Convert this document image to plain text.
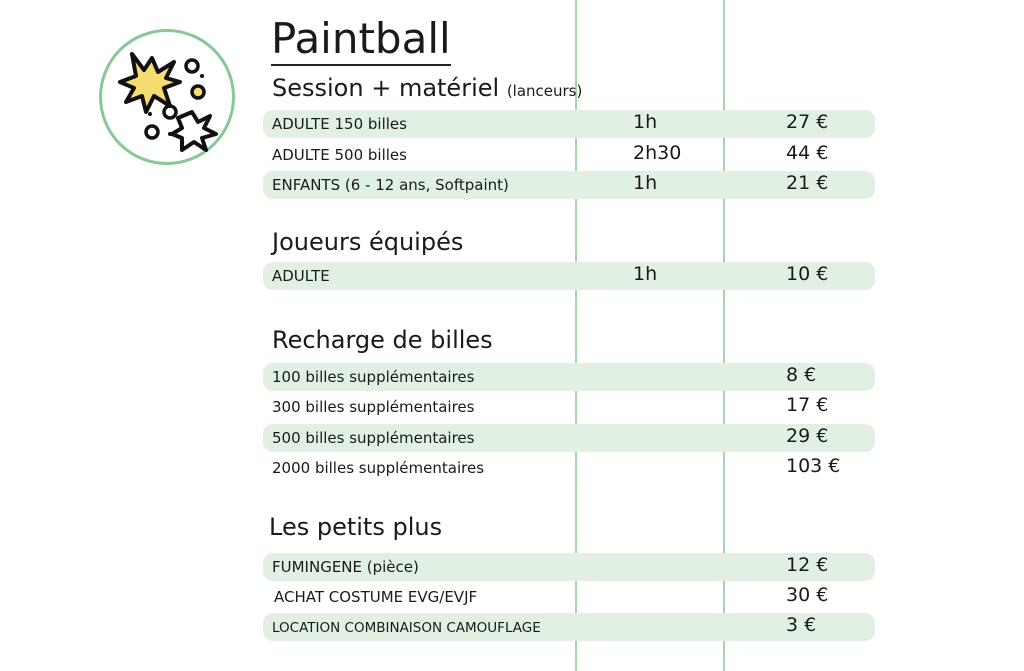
Paintball
Session + matériel (lanceurs)
ADULTE 150 billes	1h	27 €
ADULTE 500 billes	2h30	44 €
ENFANTS (6 - 12 ans, Softpaint)	1h	21 €
Joueurs équipés
ADULTE	1h	10 €
Recharge de billes
100 billes supplémentaires	8 €
300 billes supplémentaires	17 €
500 billes supplémentaires	29 €
2000 billes supplémentaires	103 €
Les petits plus
FUMINGENE (pièce)	12 €
ACHAT COSTUME EVG/EVJF	30 €
LOCATION COMBINAISON CAMOUFLAGE	3 €
